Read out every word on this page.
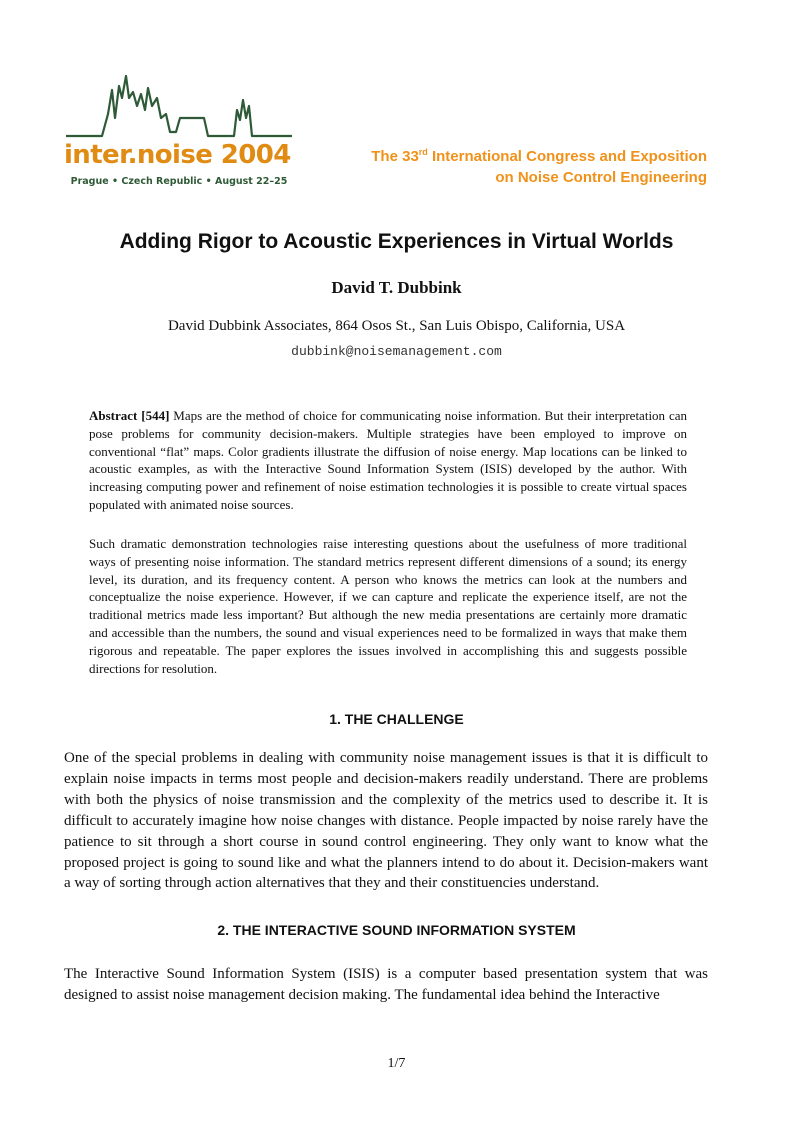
inter.noise 2004
Prague • Czech Republic • August 22–25
The 33rd International Congress and Exposition
on Noise Control Engineering
Adding Rigor to Acoustic Experiences in Virtual Worlds
David T. Dubbink
David Dubbink Associates, 864 Osos St., San Luis Obispo, California, USA
dubbink@noisemanagement.com

Abstract [544] Maps are the method of choice for communicating noise information. But their interpretation can pose problems for community decision-makers. Multiple strategies have been employed to improve on conventional “flat” maps. Color gradients illustrate the diffusion of noise energy. Map locations can be linked to acoustic examples, as with the Interactive Sound Information System (ISIS) developed by the author. With increasing computing power and refinement of noise estimation technologies it is possible to create virtual spaces populated with animated noise sources.

Such dramatic demonstration technologies raise interesting questions about the usefulness of more traditional ways of presenting noise information. The standard metrics represent different dimensions of a sound; its energy level, its duration, and its frequency content. A person who knows the metrics can look at the numbers and conceptualize the noise experience. However, if we can capture and replicate the experience itself, are not the traditional metrics made less important? But although the new media presentations are certainly more dramatic and accessible than the numbers, the sound and visual experiences need to be formalized in ways that make them rigorous and repeatable. The paper explores the issues involved in accomplishing this and suggests possible directions for resolution.

1. THE CHALLENGE

One of the special problems in dealing with community noise management issues is that it is difficult to explain noise impacts in terms most people and decision-makers readily understand. There are problems with both the physics of noise transmission and the complexity of the metrics used to describe it. It is difficult to accurately imagine how noise changes with distance. People impacted by noise rarely have the patience to sit through a short course in sound control engineering. They only want to know what the proposed project is going to sound like and what the planners intend to do about it. Decision-makers want a way of sorting through action alternatives that they and their constituencies understand.

2. THE INTERACTIVE SOUND INFORMATION SYSTEM

The Interactive Sound Information System (ISIS) is a computer based presentation system that was designed to assist noise management decision making. The fundamental idea behind the Interactive

1/7
